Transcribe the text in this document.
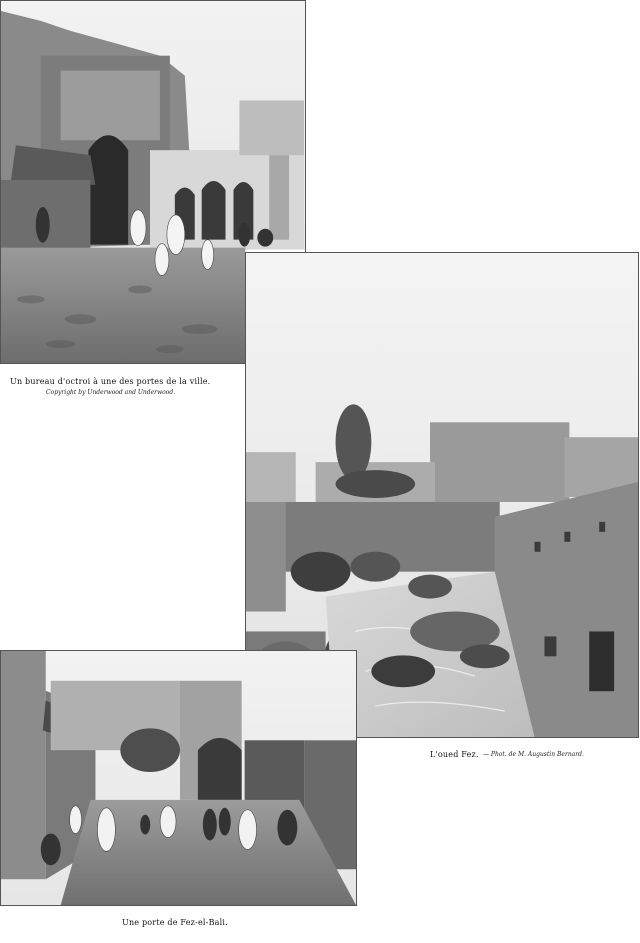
Un bureau d'octroi à une des portes de la ville.
Copyright by Underwood and Underwood.
L'oued Fez. — Phot. de M. Augustin Bernard.
Une porte de Fez-el-Bali.
